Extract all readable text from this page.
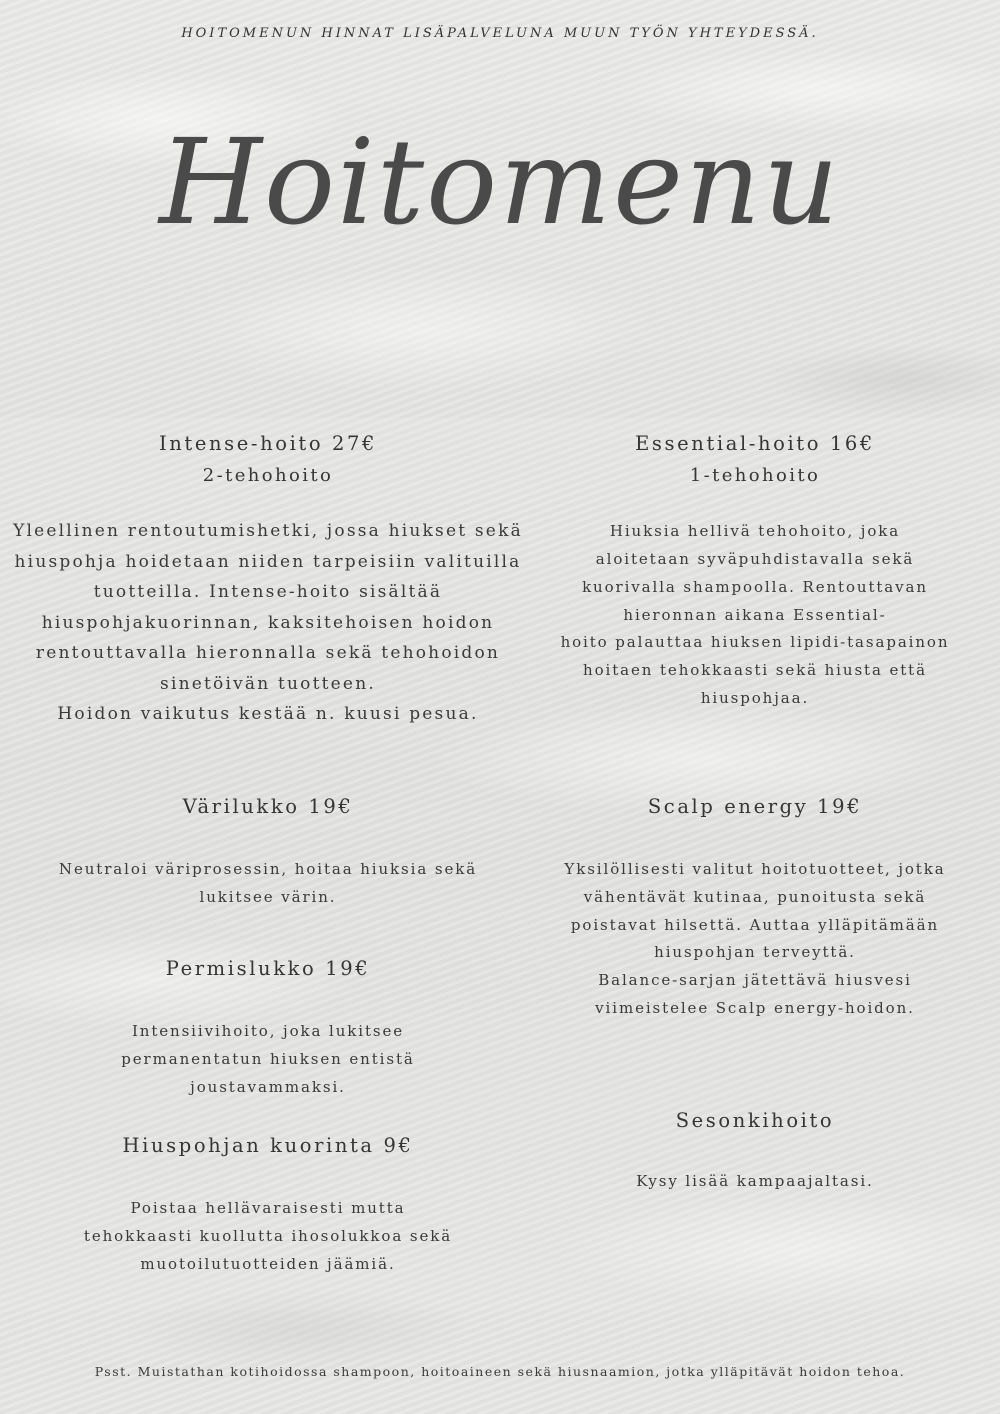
HOITOMENUN HINNAT LISÄPALVELUNA MUUN TYÖN YHTEYDESSÄ.
Hoitomenu
Intense-hoito 27€
2-tehohoito
Yleellinen rentoutumishetki, jossa hiukset sekä
hiuspohja hoidetaan niiden tarpeisiin valituilla
tuotteilla. Intense-hoito sisältää
hiuspohjakuorinnan, kaksitehoisen hoidon
rentouttavalla hieronnalla sekä tehohoidon
sinetöivän tuotteen.
Hoidon vaikutus kestää n. kuusi pesua.
Essential-hoito 16€
1-tehohoito
Hiuksia hellivä tehohoito, joka
aloitetaan syväpuhdistavalla sekä
kuorivalla shampoolla. Rentouttavan
hieronnan aikana Essential-
hoito palauttaa hiuksen lipidi-tasapainon
hoitaen tehokkaasti sekä hiusta että
hiuspohjaa.
Värilukko 19€
Neutraloi väriprosessin, hoitaa hiuksia sekä
lukitsee värin.
Scalp energy 19€
Yksilöllisesti valitut hoitotuotteet, jotka
vähentävät kutinaa, punoitusta sekä
poistavat hilsettä. Auttaa ylläpitämään
hiuspohjan terveyttä.
Balance-sarjan jätettävä hiusvesi
viimeistelee Scalp energy-hoidon.
Permislukko 19€
Intensiivihoito, joka lukitsee
permanentatun hiuksen entistä
joustavammaksi.
Hiuspohjan kuorinta 9€
Poistaa hellävaraisesti mutta
tehokkaasti kuollutta ihosolukkoa sekä
muotoilutuotteiden jäämiä.
Sesonkihoito
Kysy lisää kampaajaltasi.
Psst. Muistathan kotihoidossa shampoon, hoitoaineen sekä hiusnaamion, jotka ylläpitävät hoidon tehoa.
